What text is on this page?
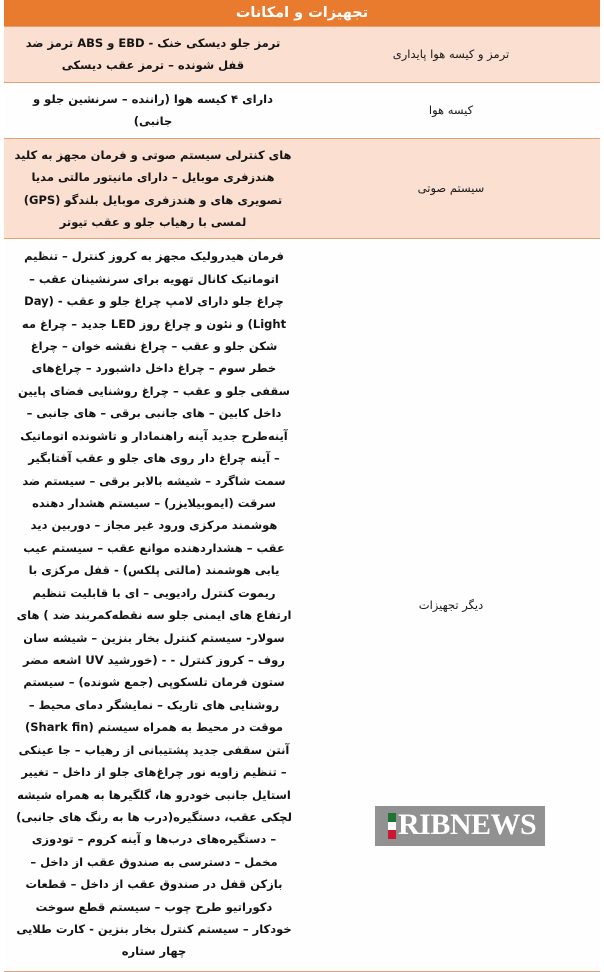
تجهیزات و امکانات	
ترمز و کیسه هوا پایداری	ترمز جلو دیسکی خنک - EBD و ABS ترمز ضد قفل شونده – ترمز عقب دیسکی
کیسه هوا	دارای ۴ کیسه هوا (راننده – سرنشین جلو و جانبی)
سیستم صوتی	های کنترلی سیستم صوتی و فرمان مجهز به کلید هندزفری موبایل – دارای مانیتور مالتی مدیا تصویری های و هندزفری موبایل بلندگو (GPS) لمسی با رهیاب جلو و عقب تیوتر
دیگر تجهیزات	فرمان هیدرولیک مجهز به کروز کنترل – تنظیم اتوماتیک کانال تهویه برای سرنشینان عقب – چراغ جلو دارای لامپ چراغ جلو و عقب - (Day Light) و نئون و چراغ روز LED جدید – چراغ مه شکن جلو و عقب – چراغ نقشه خوان – چراغ خطر سوم – چراغ داخل داشبورد – چراغ‌های سقفی جلو و عقب – چراغ روشنایی فضای پایین داخل کابین – های جانبی برقی – های جانبی – آینه‌طرح جدید آینه راهنمادار و تاشونده اتوماتیک – آینه چراغ دار روی های جلو و عقب آفتابگیر سمت شاگرد – شیشه بالابر برقی – سیستم ضد سرقت (ایموبیلایزر) – سیستم هشدار دهنده هوشمند مرکزی ورود غیر مجاز – دوربین دید عقب – هشداردهنده موانع عقب – سیستم عیب یابی هوشمند (مالتی پلکس) - قفل مرکزی با ریموت کنترل رادیویی – ای با قابلیت تنظیم ارتفاع های ایمنی جلو سه نقطه‌کمربند ضد ) های سولار- سیستم کنترل بخار بنزین – شیشه سان روف – کروز کنترل - - (خورشید UV اشعه مضر ستون فرمان تلسکوپی (جمع شونده) – سیستم روشنایی های تاریک – نمایشگر دمای محیط – موقت در محیط به همراه سیستم (Shark fin) آنتن سقفی جدید پشتیبانی از رهیاب – جا عینکی – تنظیم زاویه نور چراغ‌های جلو از داخل – تغییر استایل جانبی خودرو ها، گلگیرها به همراه شیشه لچکی عقب، دستگیره(درب ها به رنگ های جانبی) – دستگیره‌های درب‌ها و آینه کروم – تودوزی مخمل – دسترسی به صندوق عقب از داخل – بازکن قفل در صندوق عقب از داخل – قطعات دکوراتیو طرح چوب – سیستم قطع سوخت خودکار – سیستم کنترل بخار بنزین - کارت طلایی چهار ستاره
RIBNEWS
